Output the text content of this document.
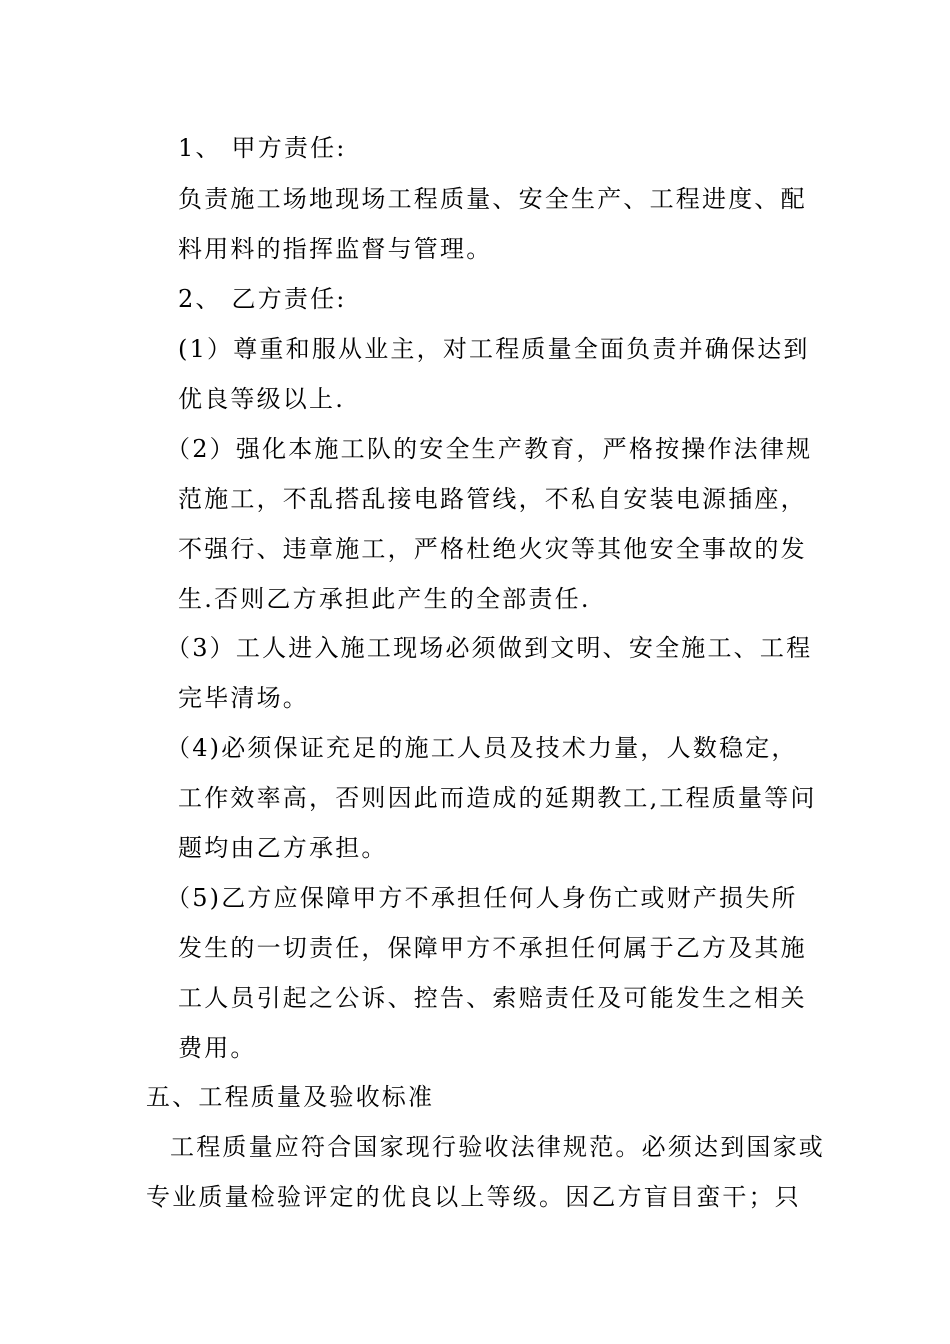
1、 甲方责任:
负责施工场地现场工程质量、安全生产、工程进度、配
料用料的指挥监督与管理。
2、 乙方责任:
(1）尊重和服从业主，对工程质量全面负责并确保达到
优良等级以上.
（2）强化本施工队的安全生产教育，严格按操作法律规
范施工，不乱搭乱接电路管线，不私自安装电源插座，
不强行、违章施工，严格杜绝火灾等其他安全事故的发
生.否则乙方承担此产生的全部责任.
（3）工人进入施工现场必须做到文明、安全施工、工程
完毕清场。
（4)必须保证充足的施工人员及技术力量，人数稳定，
工作效率高，否则因此而造成的延期教工,工程质量等问
题均由乙方承担。
（5)乙方应保障甲方不承担任何人身伤亡或财产损失所
发生的一切责任，保障甲方不承担任何属于乙方及其施
工人员引起之公诉、控告、索赔责任及可能发生之相关
费用。
五、工程质量及验收标准
工程质量应符合国家现行验收法律规范。必须达到国家或
专业质量检验评定的优良以上等级。因乙方盲目蛮干；只
